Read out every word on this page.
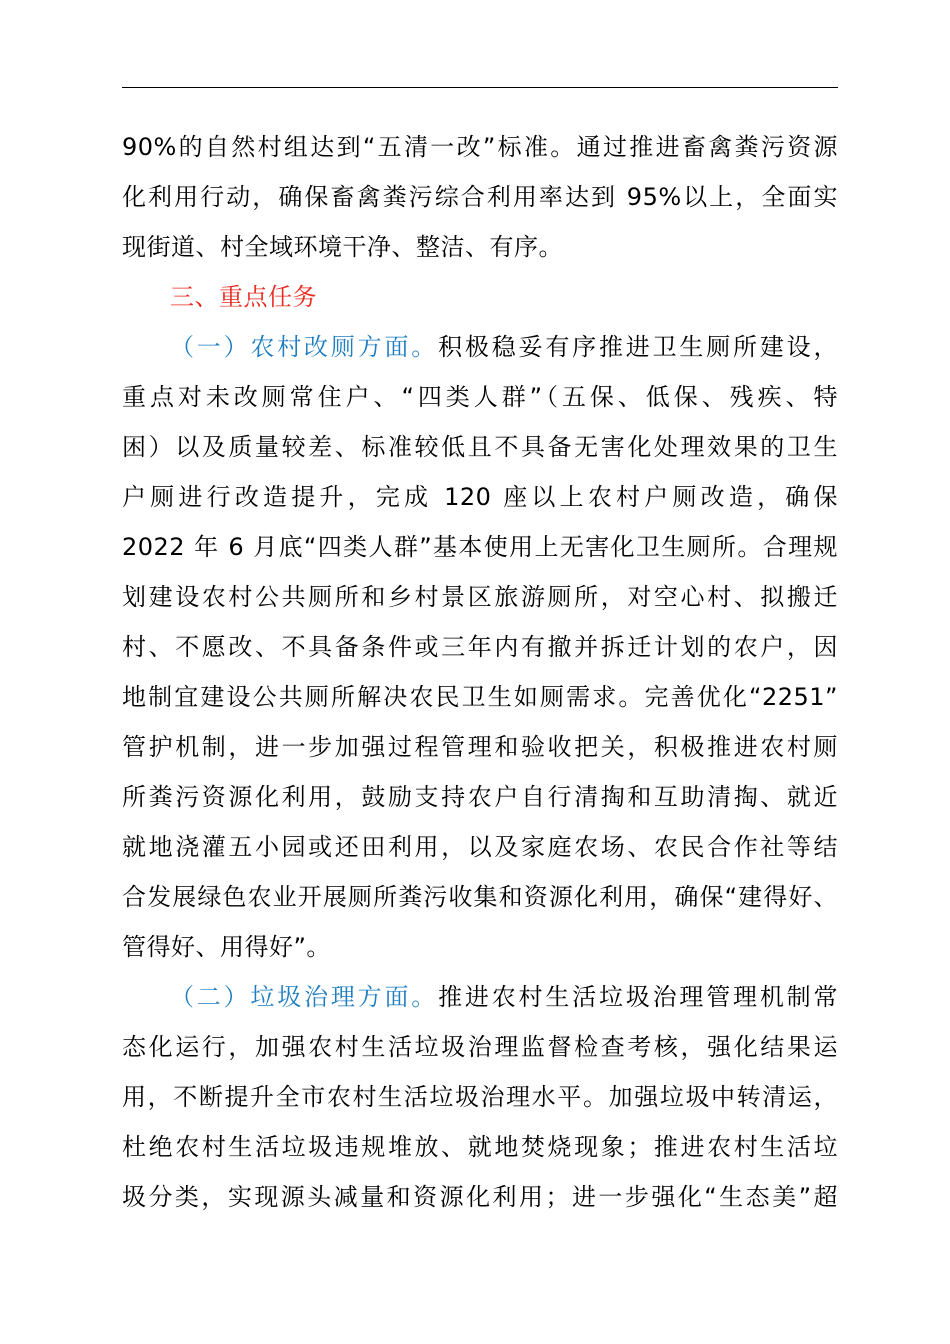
90%的自然村组达到“五清一改”标准。通过推进畜禽粪污资源
化利用行动，确保畜禽粪污综合利用率达到 95%以上，全面实
现街道、村全域环境干净、整洁、有序。
三、重点任务
（一）农村改厕方面。积极稳妥有序推进卫生厕所建设，
重点对未改厕常住户、“四类人群”（五保、低保、残疾、特
困）以及质量较差、标准较低且不具备无害化处理效果的卫生
户厕进行改造提升，完成 120 座以上农村户厕改造，确保
2022 年 6 月底“四类人群”基本使用上无害化卫生厕所。合理规
划建设农村公共厕所和乡村景区旅游厕所，对空心村、拟搬迁
村、不愿改、不具备条件或三年内有撤并拆迁计划的农户，因
地制宜建设公共厕所解决农民卫生如厕需求。完善优化“2251”
管护机制，进一步加强过程管理和验收把关，积极推进农村厕
所粪污资源化利用，鼓励支持农户自行清掏和互助清掏、就近
就地浇灌五小园或还田利用，以及家庭农场、农民合作社等结
合发展绿色农业开展厕所粪污收集和资源化利用，确保“建得好、
管得好、用得好”。
（二）垃圾治理方面。推进农村生活垃圾治理管理机制常
态化运行，加强农村生活垃圾治理监督检查考核，强化结果运
用，不断提升全市农村生活垃圾治理水平。加强垃圾中转清运，
杜绝农村生活垃圾违规堆放、就地焚烧现象；推进农村生活垃
圾分类，实现源头减量和资源化利用；进一步强化“生态美”超
